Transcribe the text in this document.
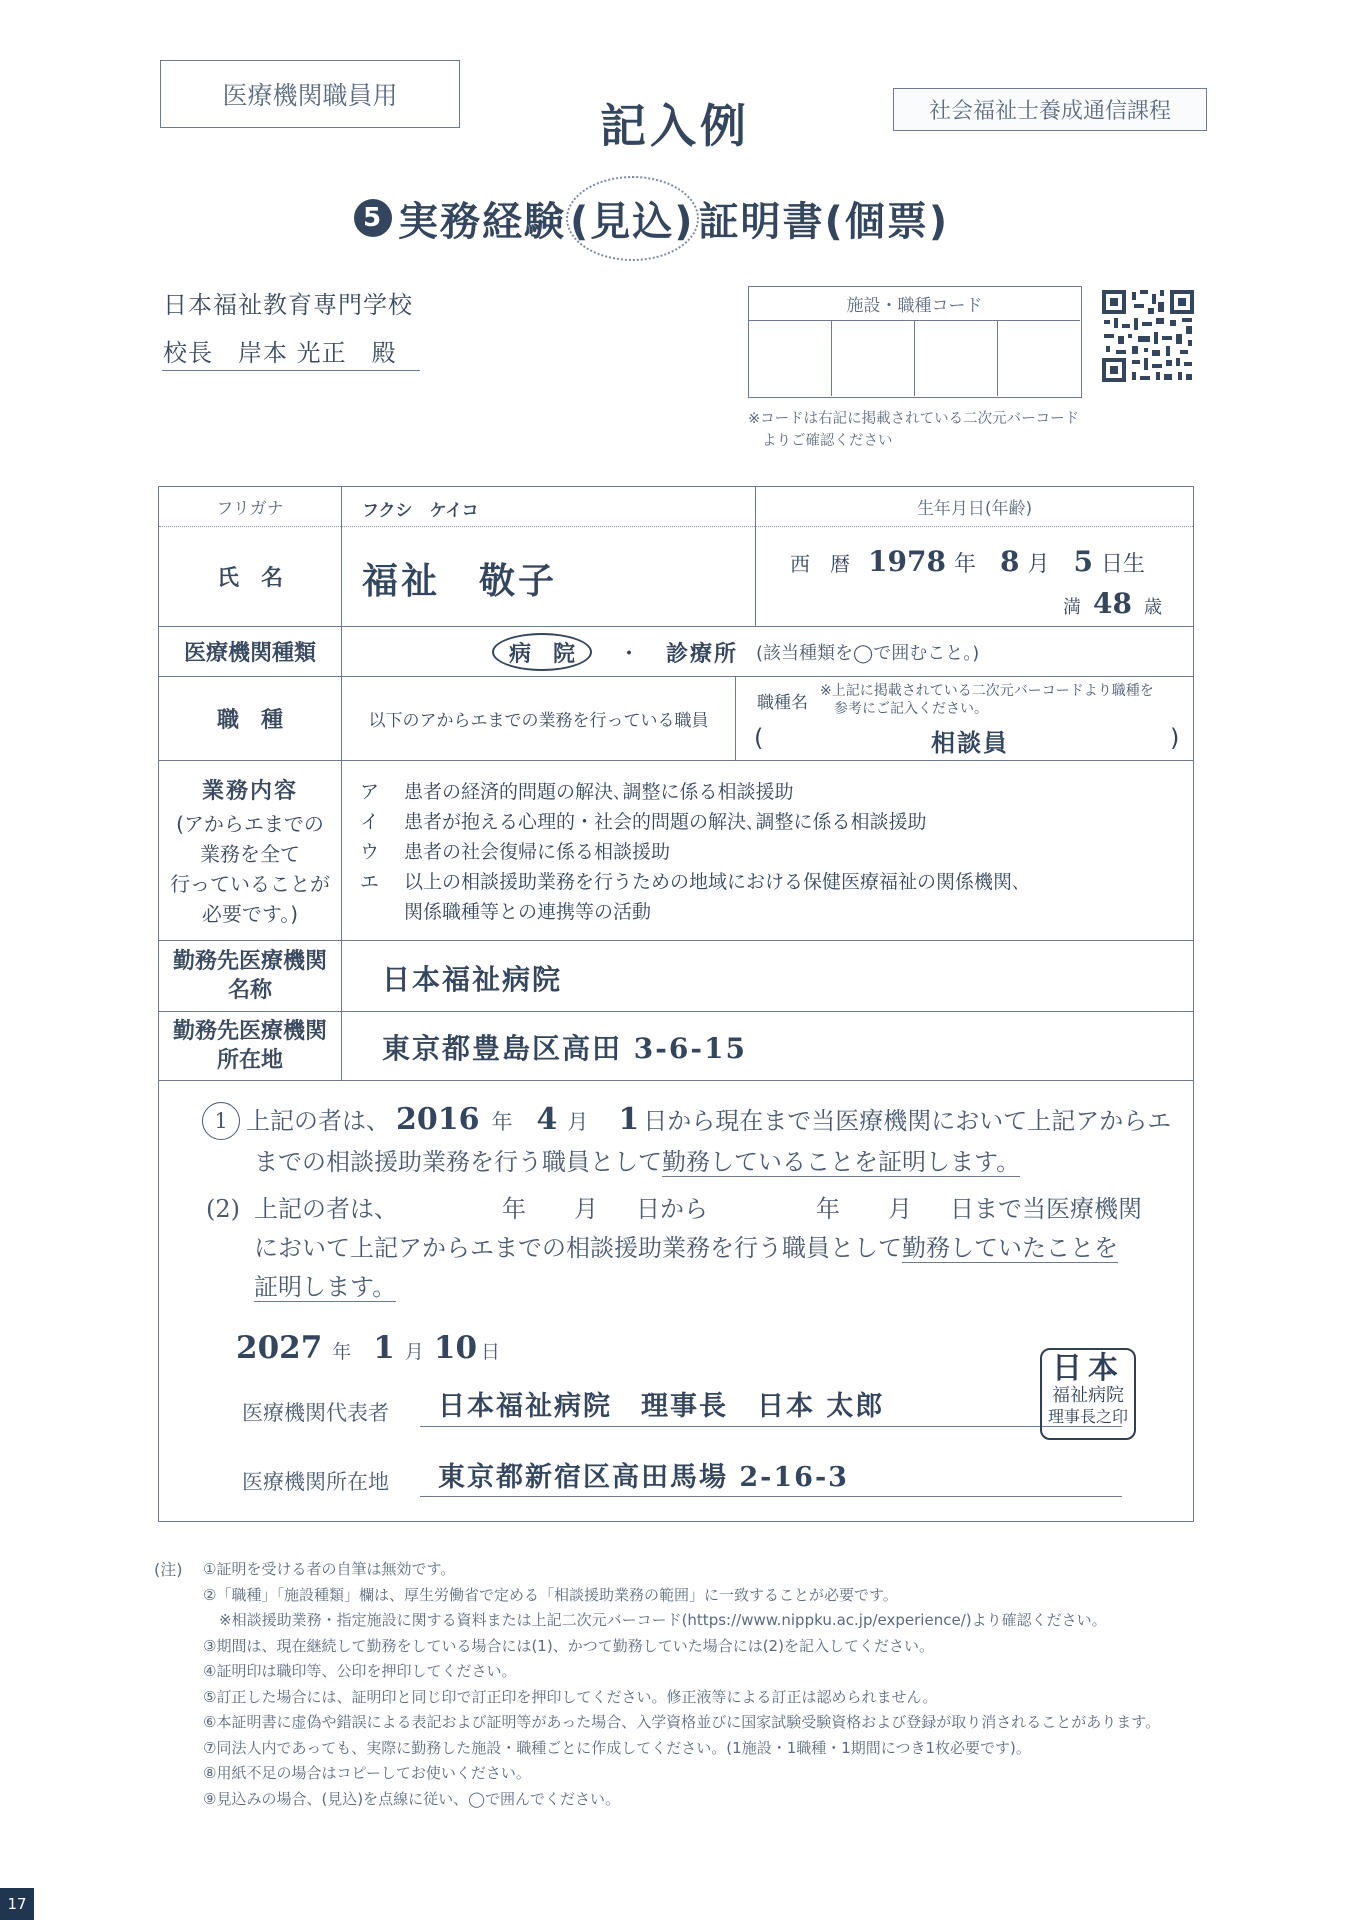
医療機関職員用
記入例	社会福祉士養成通信課程
5 実務経験 (見込) 証明書(個票)
日本福祉教育専門学校
校長　岸本 光正　殿
施設・職種コード
※コードは右記に掲載されている二次元バーコード
よりご確認ください
フリガナ	フクシ　ケイコ	生年月日(年齢)
氏　名	福祉　敬子	西　暦 1978 年 8 月 5 日生
満 48 歳
医療機関種類	病　院	・ 診療所 (該当種類を◯で囲むこと。)
職　種	以下のアからエまでの業務を行っている職員
職種名
※上記に掲載されている二次元バーコードより職種を
参考にご記入ください。
(	相談員	)
業務内容
(アからエまでの
業務を全て
行っていることが
必要です。)
ア 患者の経済的問題の解決､調整に係る相談援助
イ 患者が抱える心理的・社会的問題の解決､調整に係る相談援助
ウ 患者の社会復帰に係る相談援助
エ 以上の相談援助業務を行うための地域における保健医療福祉の関係機関､
関係職種等との連携等の活動
勤務先医療機関
名称	日本福祉病院
勤務先医療機関
所在地	東京都豊島区高田 3-6-15
1 上記の者は、 2016 年 4 月 1 日から現在まで当医療機関において上記アからエ
までの相談援助業務を行う職員として勤務していることを証明します。
(2) 上記の者は、	年 月 日から	年 月 日まで当医療機関
において上記アからエまでの相談援助業務を行う職員として勤務していたことを
証明します。
2027 年 1 月 10 日
医療機関代表者 日本福祉病院　理事長　日本 太郎
医療機関所在地 東京都新宿区高田馬場 2-16-3
日本
福祉病院
理事長之印
(注) ①証明を受ける者の自筆は無効です。
②「職種」「施設種類」欄は、厚生労働省で定める「相談援助業務の範囲」に一致することが必要です。
※相談援助業務・指定施設に関する資料または上記二次元バーコード(https://www.nippku.ac.jp/experience/)より確認ください。
③期間は、現在継続して勤務をしている場合には(1)、かつて勤務していた場合には(2)を記入してください。
④証明印は職印等、公印を押印してください。
⑤訂正した場合には、証明印と同じ印で訂正印を押印してください。修正液等による訂正は認められません。
⑥本証明書に虚偽や錯誤による表記および証明等があった場合、入学資格並びに国家試験受験資格および登録が取り消されることがあります。
⑦同法人内であっても、実際に勤務した施設・職種ごとに作成してください。(1施設・1職種・1期間につき1枚必要です)。
⑧用紙不足の場合はコピーしてお使いください。
⑨見込みの場合、(見込)を点線に従い、◯で囲んでください。
17
